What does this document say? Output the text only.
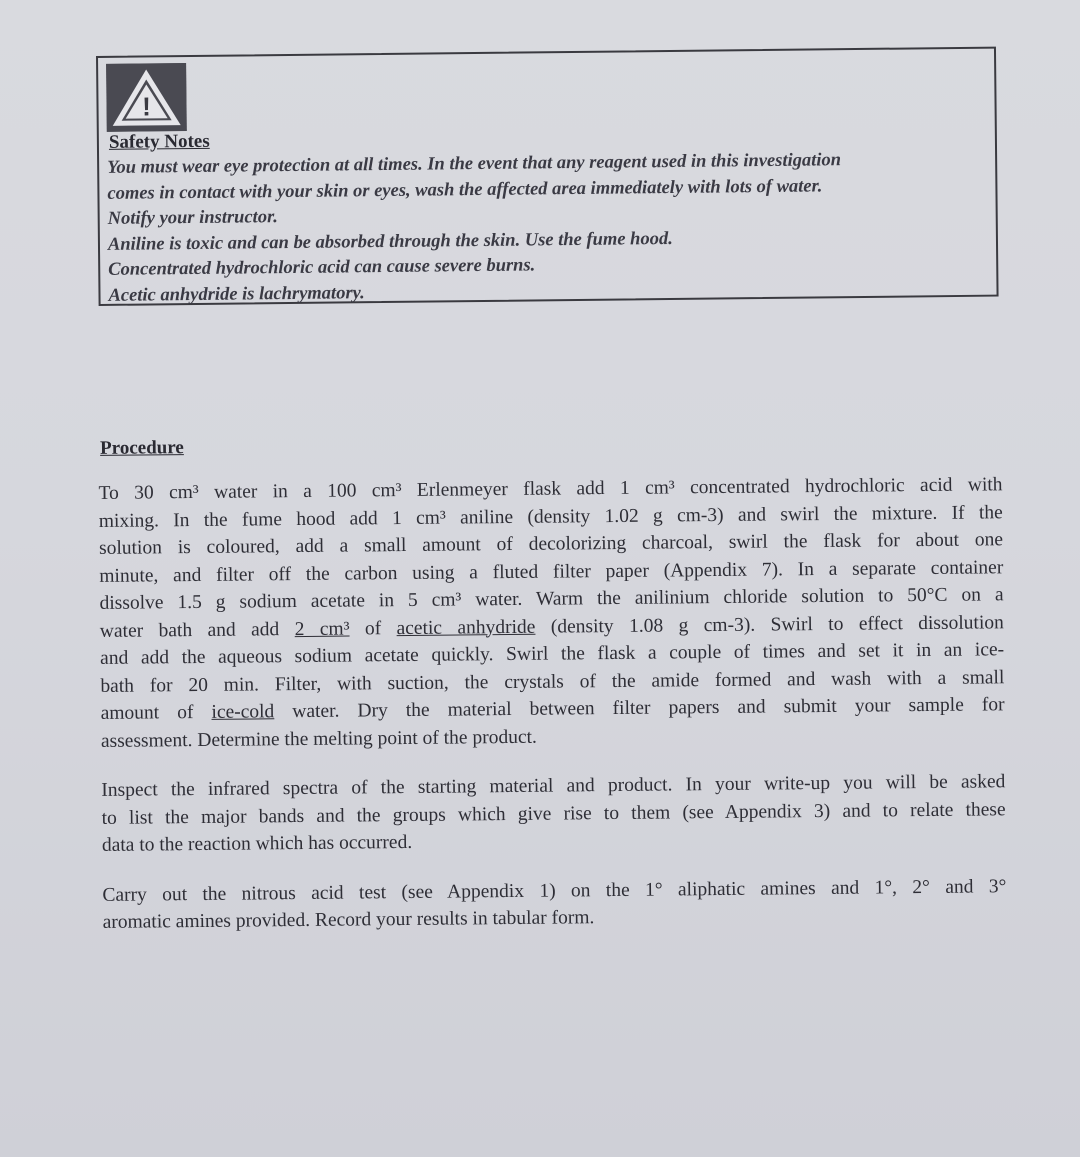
!
Safety Notes
You must wear eye protection at all times. In the event that any reagent used in this investigation
comes in contact with your skin or eyes, wash the affected area immediately with lots of water.
Notify your instructor.
Aniline is toxic and can be absorbed through the skin. Use the fume hood.
Concentrated hydrochloric acid can cause severe burns.
Acetic anhydride is lachrymatory.
Procedure
To 30 cm³ water in a 100 cm³ Erlenmeyer flask add 1 cm³ concentrated hydrochloric acid with
mixing. In the fume hood add 1 cm³ aniline (density 1.02 g cm-3) and swirl the mixture. If the
solution is coloured, add a small amount of decolorizing charcoal, swirl the flask for about one
minute, and filter off the carbon using a fluted filter paper (Appendix 7). In a separate container
dissolve 1.5 g sodium acetate in 5 cm³ water. Warm the anilinium chloride solution to 50°C on a
water bath and add 2 cm³ of acetic anhydride (density 1.08 g cm-3). Swirl to effect dissolution
and add the aqueous sodium acetate quickly. Swirl the flask a couple of times and set it in an ice-
bath for 20 min. Filter, with suction, the crystals of the amide formed and wash with a small
amount of ice-cold water. Dry the material between filter papers and submit your sample for
assessment. Determine the melting point of the product.
Inspect the infrared spectra of the starting material and product. In your write-up you will be asked
to list the major bands and the groups which give rise to them (see Appendix 3) and to relate these
data to the reaction which has occurred.
Carry out the nitrous acid test (see Appendix 1) on the 1° aliphatic amines and 1°, 2° and 3°
aromatic amines provided. Record your results in tabular form.
